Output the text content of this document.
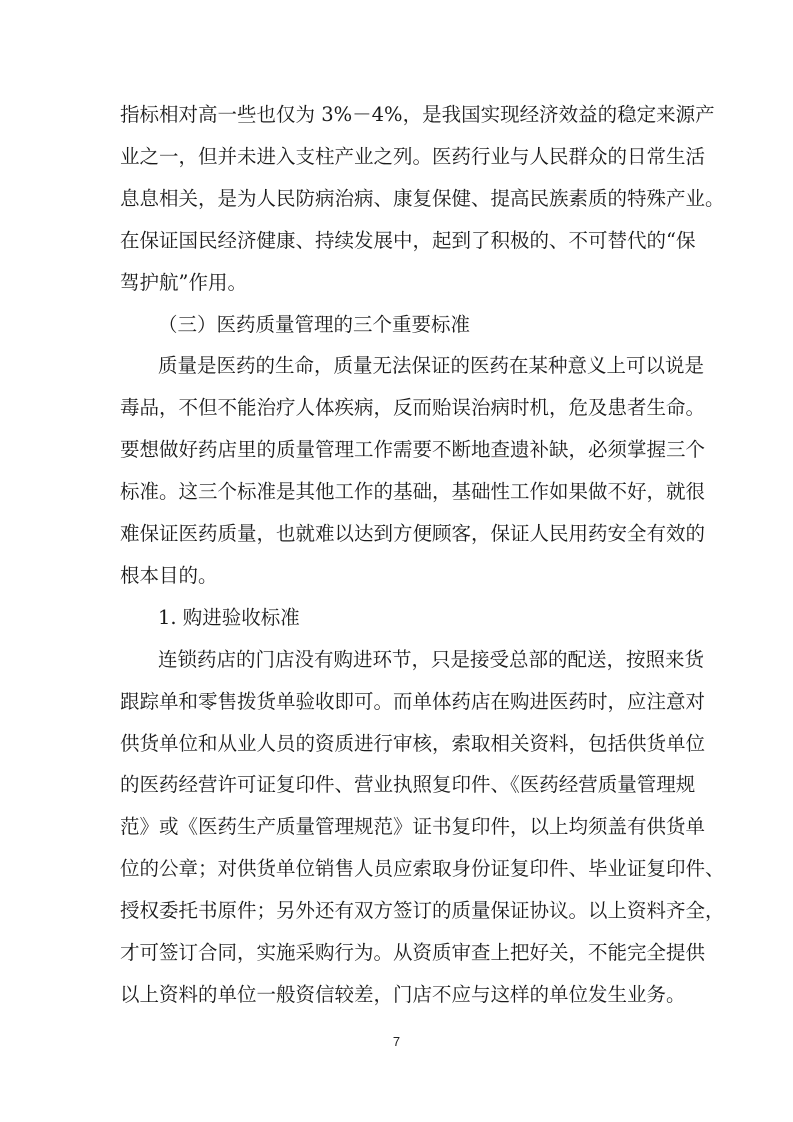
指标相对高一些也仅为 3%－4%，是我国实现经济效益的稳定来源产
业之一，但并未进入支柱产业之列。医药行业与人民群众的日常生活
息息相关，是为人民防病治病、康复保健、提高民族素质的特殊产业。
在保证国民经济健康、持续发展中，起到了积极的、不可替代的“保
驾护航”作用。
（三）医药质量管理的三个重要标准
质量是医药的生命，质量无法保证的医药在某种意义上可以说是
毒品，不但不能治疗人体疾病，反而贻误治病时机，危及患者生命。
要想做好药店里的质量管理工作需要不断地查遗补缺，必须掌握三个
标准。这三个标准是其他工作的基础，基础性工作如果做不好，就很
难保证医药质量，也就难以达到方便顾客，保证人民用药安全有效的
根本目的。
1. 购进验收标准
连锁药店的门店没有购进环节，只是接受总部的配送，按照来货
跟踪单和零售拨货单验收即可。而单体药店在购进医药时，应注意对
供货单位和从业人员的资质进行审核，索取相关资料，包括供货单位
的医药经营许可证复印件、营业执照复印件、《医药经营质量管理规
范》或《医药生产质量管理规范》证书复印件，以上均须盖有供货单
位的公章；对供货单位销售人员应索取身份证复印件、毕业证复印件、
授权委托书原件；另外还有双方签订的质量保证协议。以上资料齐全，
才可签订合同，实施采购行为。从资质审查上把好关，不能完全提供
7
以上资料的单位一般资信较差，门店不应与这样的单位发生业务。
